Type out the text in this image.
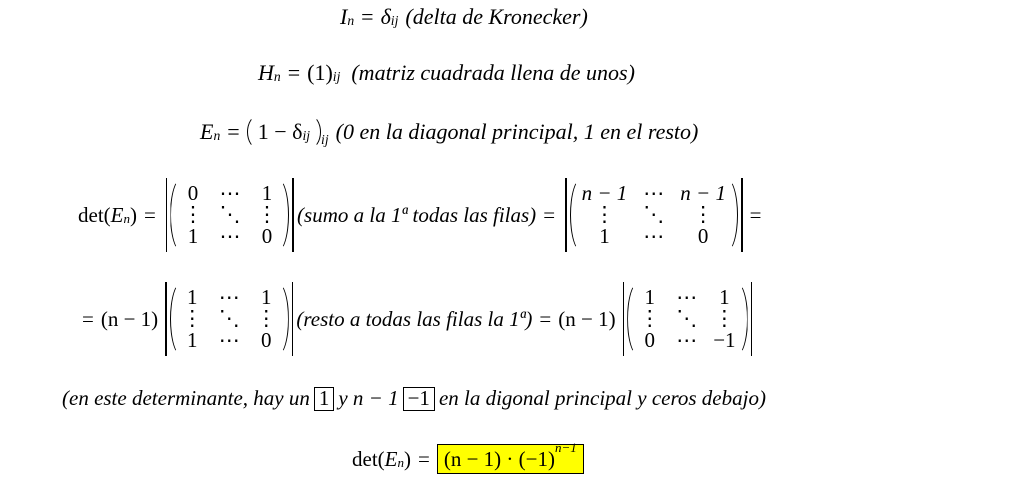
I n = δ ij (delta de Kronecker)
H n = ( 1 ) ij (matriz cuadrada llena de unos)
E n = 1 − δ ij ij (0 en la diagonal principal, 1 en el resto)
det ( E n ) =
0 ⋯ 1
⋮ ⋱ ⋮
1 ⋯ 0
(sumo a la 1ª todas las filas) =
n − 1 ⋯ n − 1
⋮ ⋱ ⋮
1 ⋯ 0
=
= (n − 1)
1 ⋯ 1
⋮ ⋱ ⋮
1 ⋯ 0
(resto a todas las filas la 1ª) = (n − 1)
1 ⋯ 1
⋮ ⋱ ⋮
0 ⋯ −1
(en este determinante, hay un 1 y n − 1 −1 en la digonal principal y ceros debajo)
det ( E n ) = $(n - 1) \cdot (-1)^{n-1}$
